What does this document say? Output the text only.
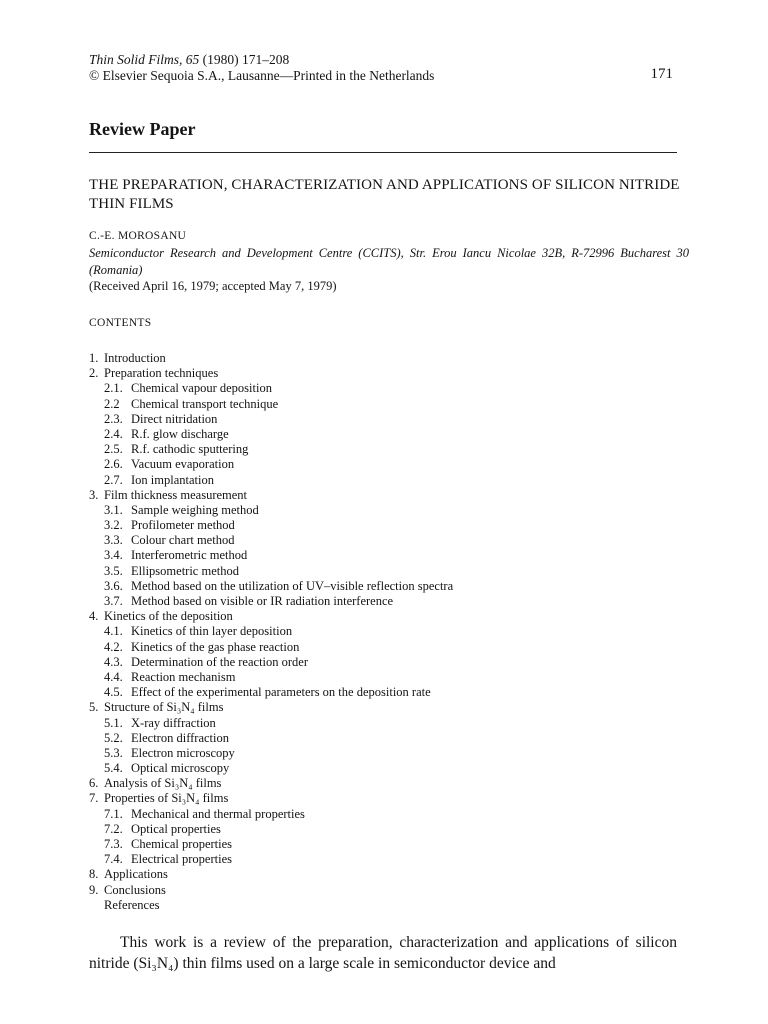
Thin Solid Films, 65 (1980) 171–208
© Elsevier Sequoia S.A., Lausanne—Printed in the Netherlands	171
Review Paper
THE PREPARATION, CHARACTERIZATION AND APPLICATIONS OF SILICON NITRIDE THIN FILMS
C.-E. MOROSANU
Semiconductor Research and Development Centre (CCITS), Str. Erou Iancu Nicolae 32B, R-72996 Bucharest 30 (Romania)
(Received April 16, 1979; accepted May 7, 1979)
CONTENTS
1. Introduction
2. Preparation techniques
2.1. Chemical vapour deposition
2.2 Chemical transport technique
2.3. Direct nitridation
2.4. R.f. glow discharge
2.5. R.f. cathodic sputtering
2.6. Vacuum evaporation
2.7. Ion implantation
3. Film thickness measurement
3.1. Sample weighing method
3.2. Profilometer method
3.3. Colour chart method
3.4. Interferometric method
3.5. Ellipsometric method
3.6. Method based on the utilization of UV–visible reflection spectra
3.7. Method based on visible or IR radiation interference
4. Kinetics of the deposition
4.1. Kinetics of thin layer deposition
4.2. Kinetics of the gas phase reaction
4.3. Determination of the reaction order
4.4. Reaction mechanism
4.5. Effect of the experimental parameters on the deposition rate
5. Structure of Si₃N₄ films
5.1. X-ray diffraction
5.2. Electron diffraction
5.3. Electron microscopy
5.4. Optical microscopy
6. Analysis of Si₃N₄ films
7. Properties of Si₃N₄ films
7.1. Mechanical and thermal properties
7.2. Optical properties
7.3. Chemical properties
7.4. Electrical properties
8. Applications
9. Conclusions
References
This work is a review of the preparation, characterization and applications of silicon nitride (Si₃N₄) thin films used on a large scale in semiconductor device and
